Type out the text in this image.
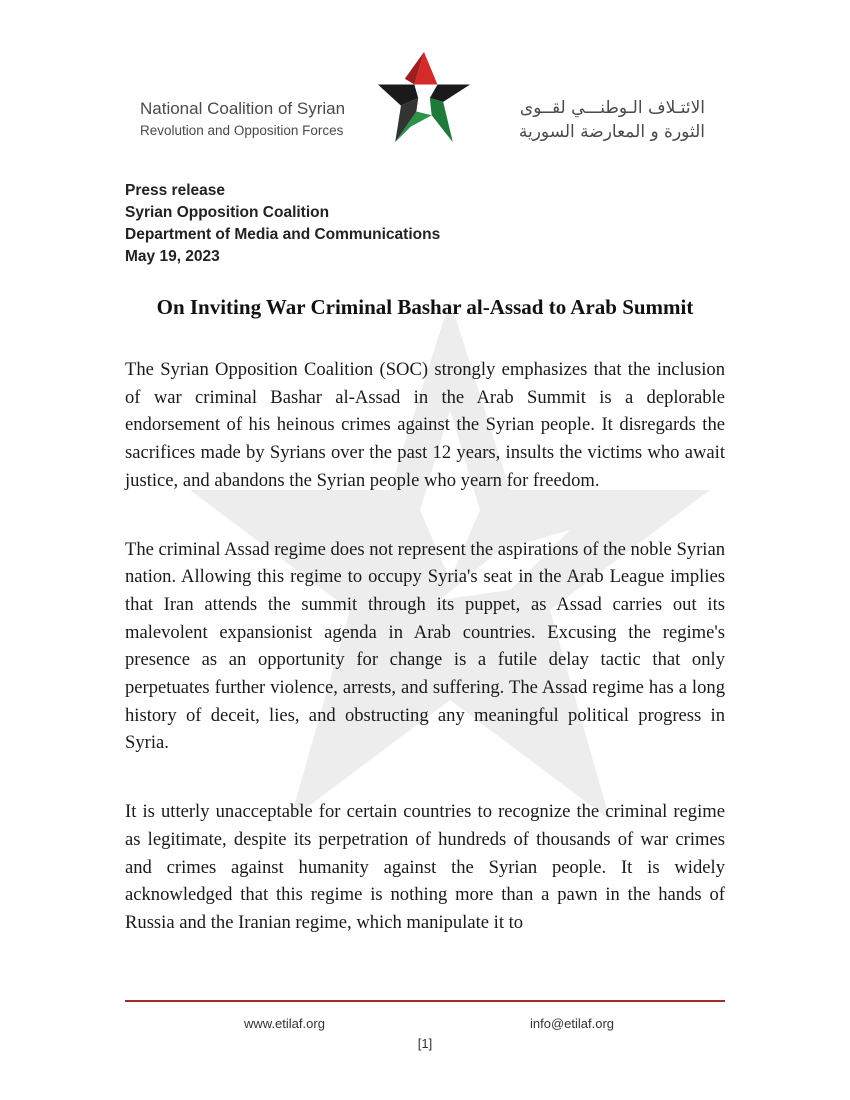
National Coalition of Syrian
Revolution and Opposition Forces
الائتـلاف الـوطنـــي لقــوى
الثورة و المعارضة السورية
Press release
Syrian Opposition Coalition
Department of Media and Communications
May 19, 2023
On Inviting War Criminal Bashar al-Assad to Arab Summit

The Syrian Opposition Coalition (SOC) strongly emphasizes that the inclusion of war criminal Bashar al-Assad in the Arab Summit is a deplorable endorsement of his heinous crimes against the Syrian people. It disregards the sacrifices made by Syrians over the past 12 years, insults the victims who await justice, and abandons the Syrian people who yearn for freedom.

The criminal Assad regime does not represent the aspirations of the noble Syrian nation. Allowing this regime to occupy Syria's seat in the Arab League implies that Iran attends the summit through its puppet, as Assad carries out its malevolent expansionist agenda in Arab countries. Excusing the regime's presence as an opportunity for change is a futile delay tactic that only perpetuates further violence, arrests, and suffering. The Assad regime has a long history of deceit, lies, and obstructing any meaningful political progress in Syria.

It is utterly unacceptable for certain countries to recognize the criminal regime as legitimate, despite its perpetration of hundreds of thousands of war crimes and crimes against humanity against the Syrian people. It is widely acknowledged that this regime is nothing more than a pawn in the hands of Russia and the Iranian regime, which manipulate it to

www.etilaf.org	info@etilaf.org
[1]
